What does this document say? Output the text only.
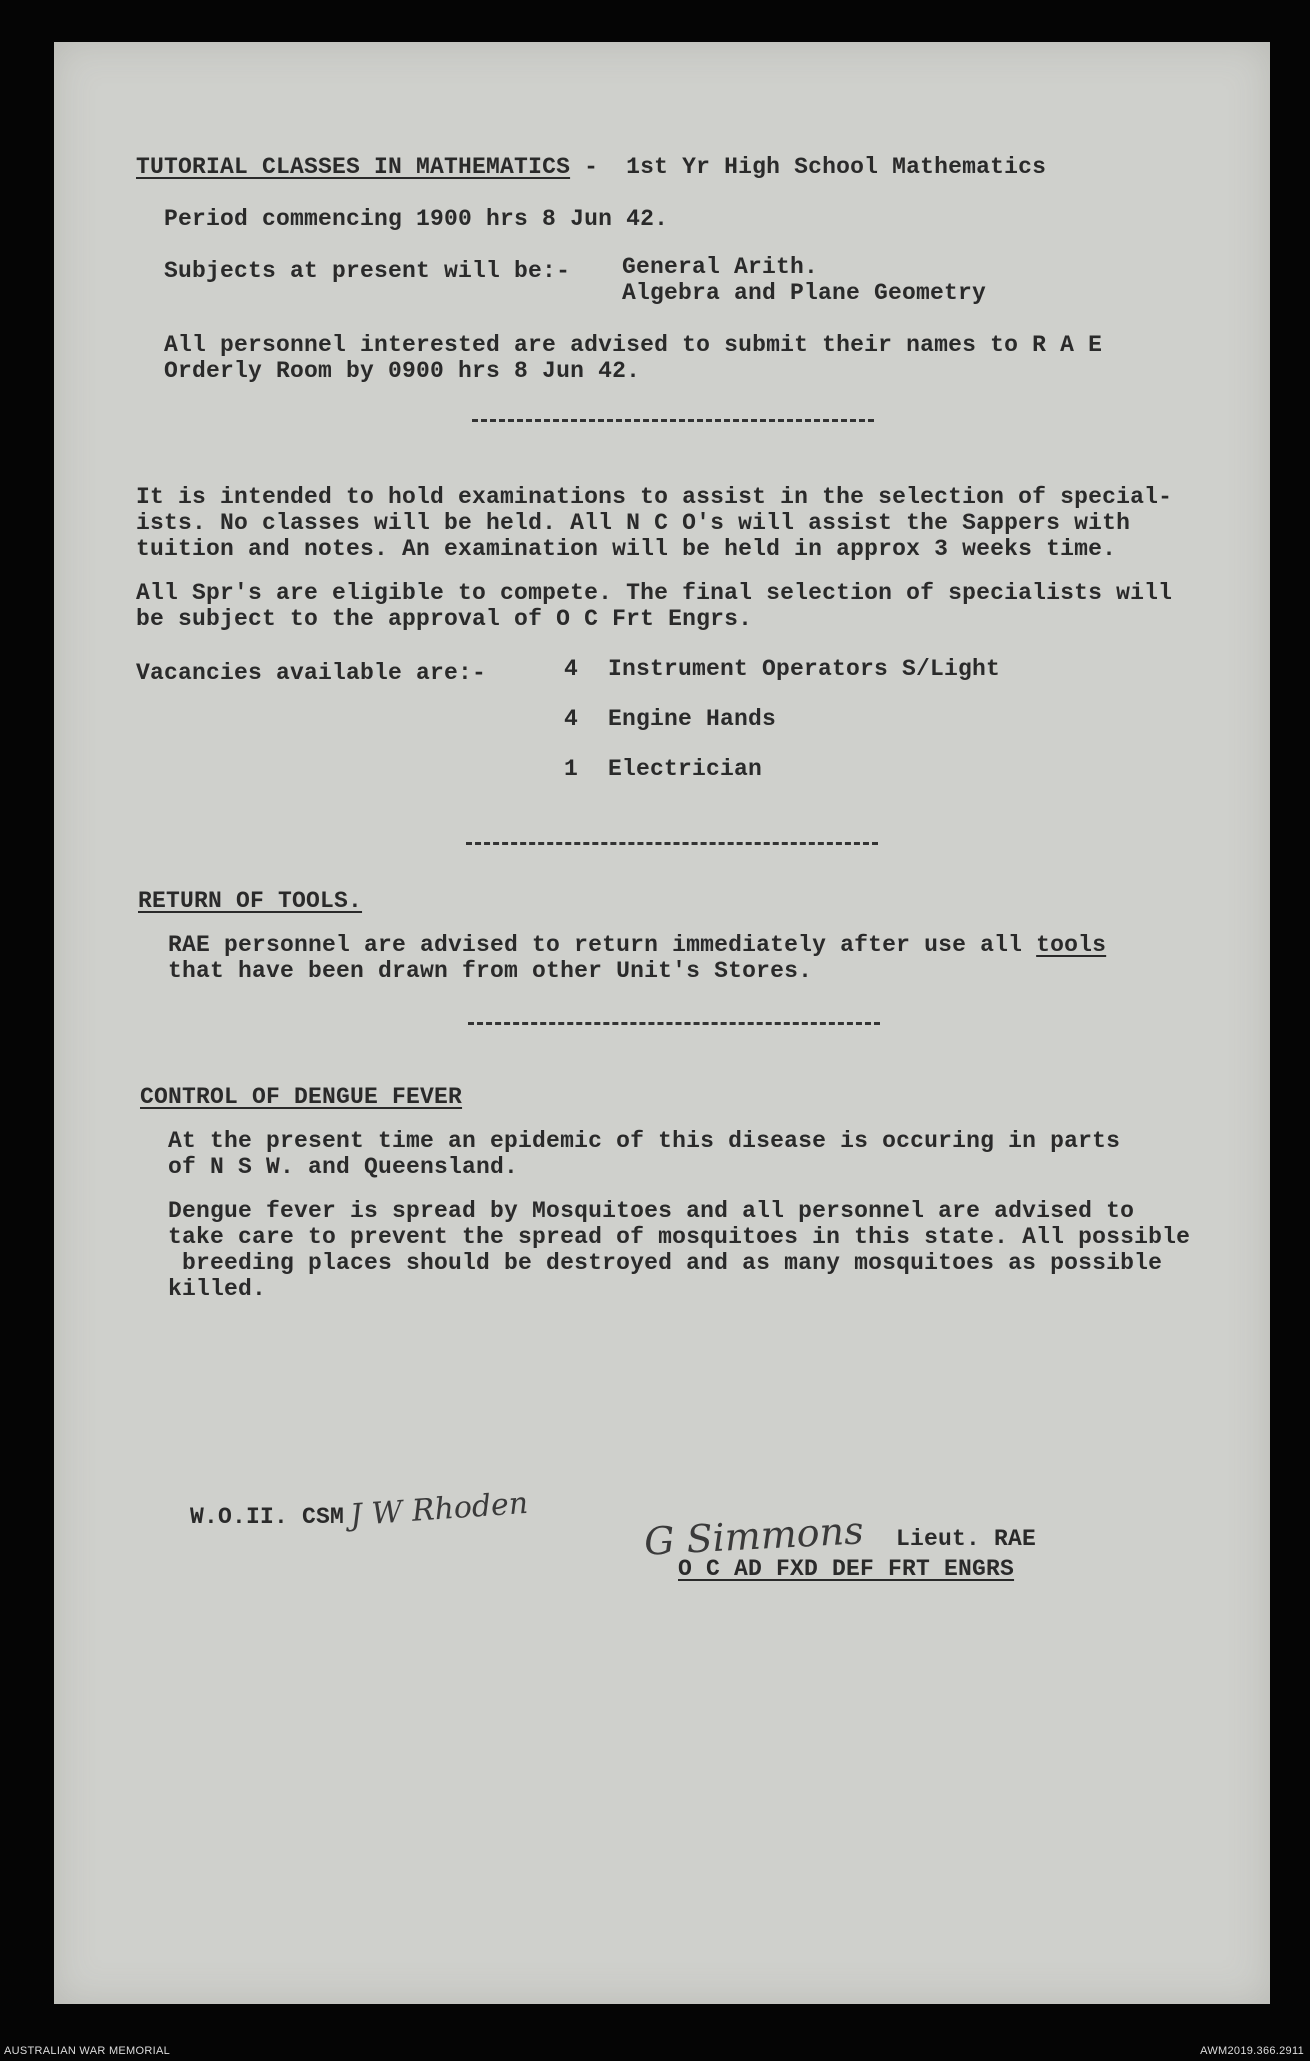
TUTORIAL CLASSES IN MATHEMATICS -  1st Yr High School Mathematics
Period commencing 1900 hrs 8 Jun 42.
Subjects at present will be:- General Arith.
Algebra and Plane Geometry
All personnel interested are advised to submit their names to R A E
Orderly Room by 0900 hrs 8 Jun 42.
It is intended to hold examinations to assist in the selection of special-
ists. No classes will be held. All N C O's will assist the Sappers with
tuition and notes. An examination will be held in approx 3 weeks time.
All Spr's are eligible to compete. The final selection of specialists will
be subject to the approval of O C Frt Engrs.
Vacancies available are:-	4 Instrument Operators S/Light
4 Engine Hands
1 Electrician
RETURN OF TOOLS.
RAE personnel are advised to return immediately after use all tools
that have been drawn from other Unit's Stores.
CONTROL OF DENGUE FEVER
At the present time an epidemic of this disease is occuring in parts
of N S W. and Queensland.
Dengue fever is spread by Mosquitoes and all personnel are advised to
take care to prevent the spread of mosquitoes in this state. All possible
breeding places should be destroyed and as many mosquitoes as possible
killed.
W.O.II. CSM J W Rhoden	G Simmons Lieut. RAE
O C AD FXD DEF FRT ENGRS
AUSTRALIAN WAR MEMORIAL	AWM2019.366.2911
